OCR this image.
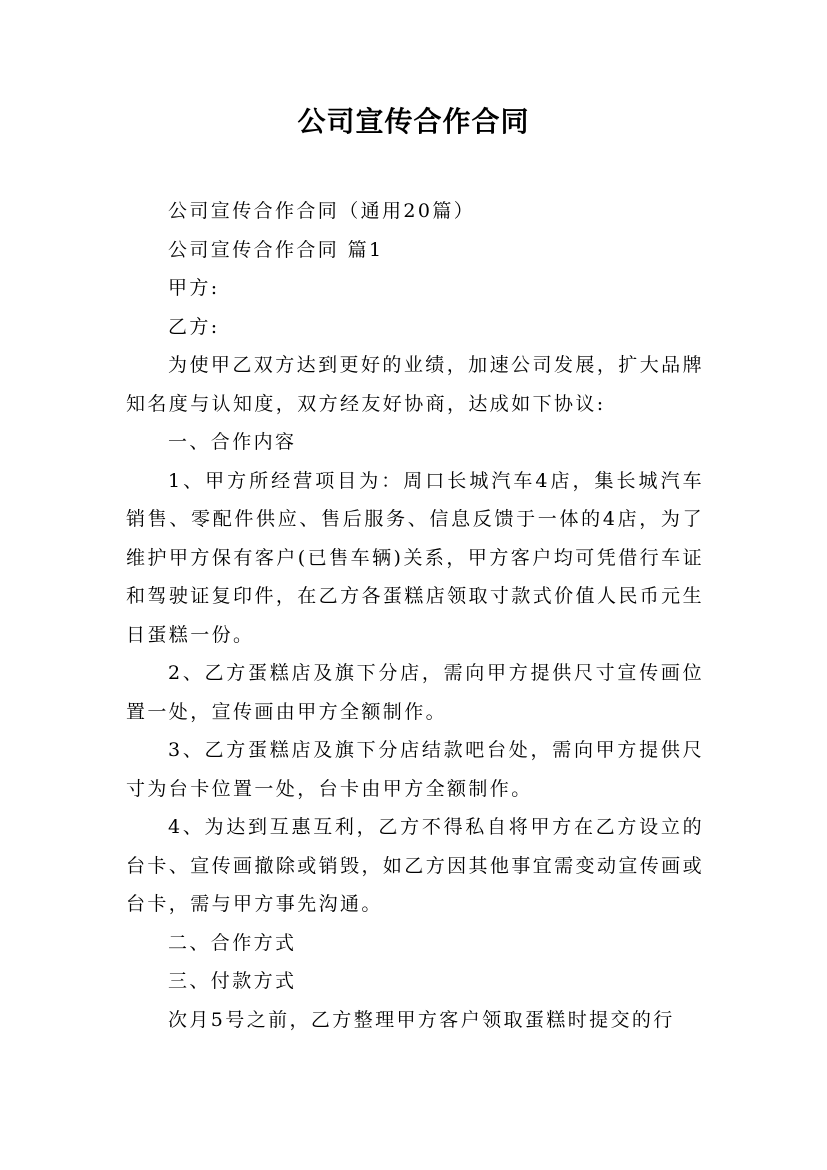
公司宣传合作合同

公司宣传合作合同（通用20篇）

公司宣传合作合同 篇1

甲方:

乙方:

为使甲乙双方达到更好的业绩，加速公司发展，扩大品牌知名度与认知度，双方经友好协商，达成如下协议:

一、合作内容

1、甲方所经营项目为：周口长城汽车4店，集长城汽车销售、零配件供应、售后服务、信息反馈于一体的4店，为了维护甲方保有客户(已售车辆)关系，甲方客户均可凭借行车证和驾驶证复印件，在乙方各蛋糕店领取寸款式价值人民币元生日蛋糕一份。

2、乙方蛋糕店及旗下分店，需向甲方提供尺寸宣传画位置一处，宣传画由甲方全额制作。

3、乙方蛋糕店及旗下分店结款吧台处，需向甲方提供尺寸为台卡位置一处，台卡由甲方全额制作。

4、为达到互惠互利，乙方不得私自将甲方在乙方设立的台卡、宣传画撤除或销毁，如乙方因其他事宜需变动宣传画或台卡，需与甲方事先沟通。

二、合作方式

三、付款方式

次月5号之前，乙方整理甲方客户领取蛋糕时提交的行
